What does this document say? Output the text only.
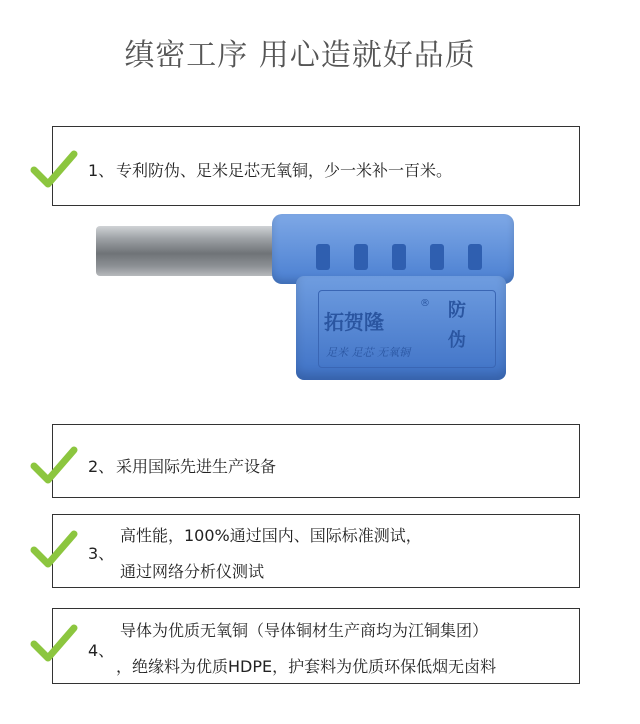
缜密工序 用心造就好品质
1、 专利防伪、足米足芯无氧铜，少一米补一百米。
拓贺隆
® 防
伪
足米 足芯 无氧铜
2、 采用国际先进生产设备
3、
高性能，100%通过国内、国际标准测试，
通过网络分析仪测试
4、
导体为优质无氧铜（导体铜材生产商均为江铜集团）
，绝缘料为优质HDPE，护套料为优质环保低烟无卤料
